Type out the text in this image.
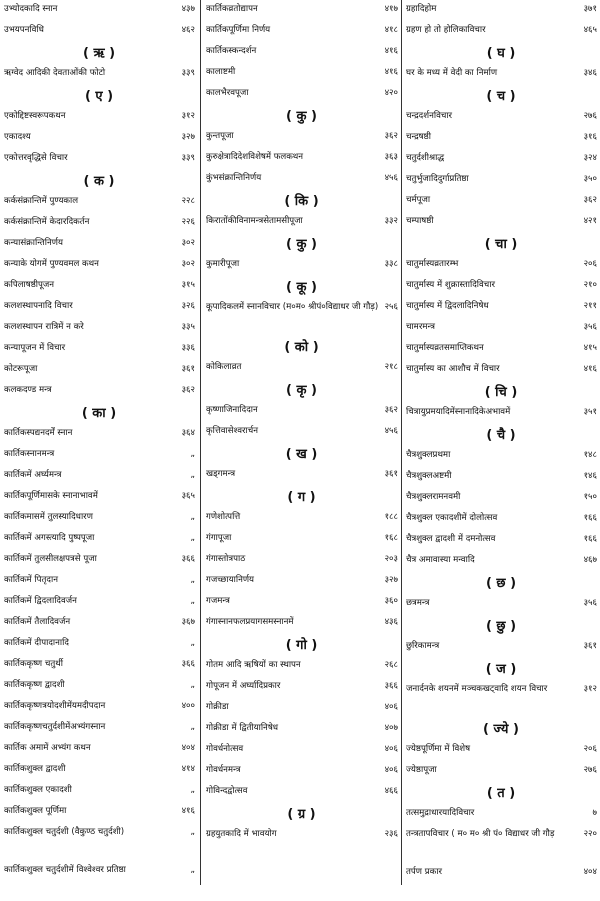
उभ्योदकादि स्नान	४३७
उभयपनविधि	४६२
( ऋ )
ऋग्वेद आदिकी देवताओंकी फोटो	३३९
( ए )
एकोद्दिष्टस्वरूपकथन	३१२
एकादश्य	३२७
एकोत्तरवृद्धिसे विचार	३३९
( क )
कर्कसंक्रान्तिमें पुण्यकाल	२२८
कर्कसंक्रान्तिमें केदारदिकर्तन	२२६
कन्यासंक्रान्तिनिर्णय	३०२
कन्याके योगमें पुण्यवमल कथन	३०२
कपिलाषष्ठीपूजन	३१५
कलशस्थापनादि विचार	३२६
कलशस्थापन रात्रिमें न करे	३३५
कन्यापूजन में विचार	३३६
कोटरूपूजा	३६१
कलकदण्ड मन्त्र	३६२
( का )
कार्तिकस्पद्यनदर्में स्नान	३६४
कार्तिकस्नानमन्त्र	„
कार्तिकमें अर्घ्यमन्त्र	„
कार्तिकपूर्णिमासके स्नानाभावमें	३६५
कार्तिकमासमें तुलस्यादिधारण	„
कार्तिकमें अगस्त्यादि पुष्पपूजा	„
कार्तिकमें तुलसीलक्षपत्रसे पूजा	३६६
कार्तिकमें पितृदान	„
कार्तिकमें द्विदलादिवर्जन	„
कार्तिकमें तैलादिवर्जन	३६७
कार्तिकमें दीपादानादि	„
कार्तिककृष्ण चतुर्थी	३६६
कार्तिककृष्ण द्वादशी	„
कार्तिककृष्णत्रयोदशीमेंयमदीपदान	४००
कार्तिककृष्णचतुर्दशीमेंअभ्यंगस्नान	„
कार्तिक अमामें अभ्यंग कथन	४०४
कार्तिकशुक्ल द्वादशी	४१४
कार्तिकशुक्ल एकादशी	„
कार्तिकशुक्ल पूर्णिमा	४१६
कार्तिकशुक्ल चतुर्दशी (वैकुण्ठ चतुर्दशी)	„
कार्तिकशुक्ल चतुर्दशीमें विश्वेश्वर प्रतिष्ठा	„
कार्तिकव्रतोद्यापन	४१७
कार्तिकपूर्णिमा निर्णय	४१८
कार्तिकस्कन्दर्शन	४१६
कालाष्टमी	४१६
कालभैरवपूजा	४२०
( कु )
कुन्तपूजा	३६२
कुरुक्षेत्रादिदेशविशेषमें फलकथन	३६३
कुंभसंक्रान्तिनिर्णय	४५६
( कि )
किरातोंकीविनामन्त्रसेतामसीपूजा	३३२
( कु )
कुमारीपूजा	३३८
( कू )
कूपादिकलमें स्नानविचार (म०म० श्रीपं०विद्याधर जी गौड़) २५६
( को )
कोकिलाव्रत	२१८
( कृ )
कृष्णाजिनादिदान	३६२
कृत्तिवासेश्वरार्चन	४५६
( ख )
खड्गमन्त्र	३६१
( ग )
गणेशोत्पत्ति	१८८
गंगापूजा	१६८
गंगास्तोत्रपाठ	२०३
गजच्छायानिर्णय	३२७
गजमन्त्र	३६०
गंगास्नानफलप्रयागसमस्नानमें	४३६
( गो )
गोतम आदि ऋषियों का स्थापन	२६८
गोपूजन में अर्घ्यादिप्रकार	३६६
गोक्रीडा	४०६
गोक्रीडा में द्वितीयानिषेध	४०७
गोवर्धनोत्सव	४०६
गोवर्धनमन्त्र	४०६
गोविन्दद्वोत्सव	४६६
( ग्र )
ग्रहयुतकादि में भावयोग	२३६
ग्रहादिहोम	३७१
ग्रहण हो तो होलिकाविचार	४६५
( घ )
घर के मध्य में वेदी का निर्माण	३४६
( च )
चन्द्रदर्शनविचार	२७६
चन्द्रषष्ठी	३१६
चतुर्दशीश्राद्ध	३२४
चतुर्भुजादिदुर्गाप्रतिष्ठा	३५०
चर्मपूजा	३६२
चम्पाषष्ठी	४२१
( चा )
चातुर्मास्यव्रतारम्भ	२०६
चातुर्मास्य में शुक्रास्तादिविचार	२१०
चातुर्मास्य में द्विदलादिनिषेध	२११
चामरमन्त्र	३५६
चातुर्मास्यव्रतसमाप्तिकथन	४१५
चातुर्मास्य का आशौच में विचार	४१६
( चि )
चित्रायुप्रमयादिमेंस्नानादिकेअभावमें	३५१
( चै )
चैत्रशुक्लप्रथमा	१४८
चैत्रशुक्लअष्टमी	१४६
चैत्रशुक्लरामनवमी	१५०
चैत्रशुक्ल एकादशीमें दोलोत्सव	१६६
चैत्रशुक्ल द्वादशी में दमनोत्सव	१६६
चैत्र अमावास्या मन्वादि	४६७
( छ )
छत्रमन्त्र	३५६
( छु )
छुरिकामन्त्र	३६१
( ज )
जनार्दनके शयनमें मञ्चकखट्वादि शयन विचार	३१२
( ज्ये )
ज्येष्ठपूर्णिमा में विशेष	२०६
ज्येष्ठापूजा	२७६
( त )
तत्समुद्राधारयादिविचार	७
तन्त्रतापविचार ( म० म० श्री पं० विद्याधर जी गौड़	२२०
तर्पण प्रकार	४०४
